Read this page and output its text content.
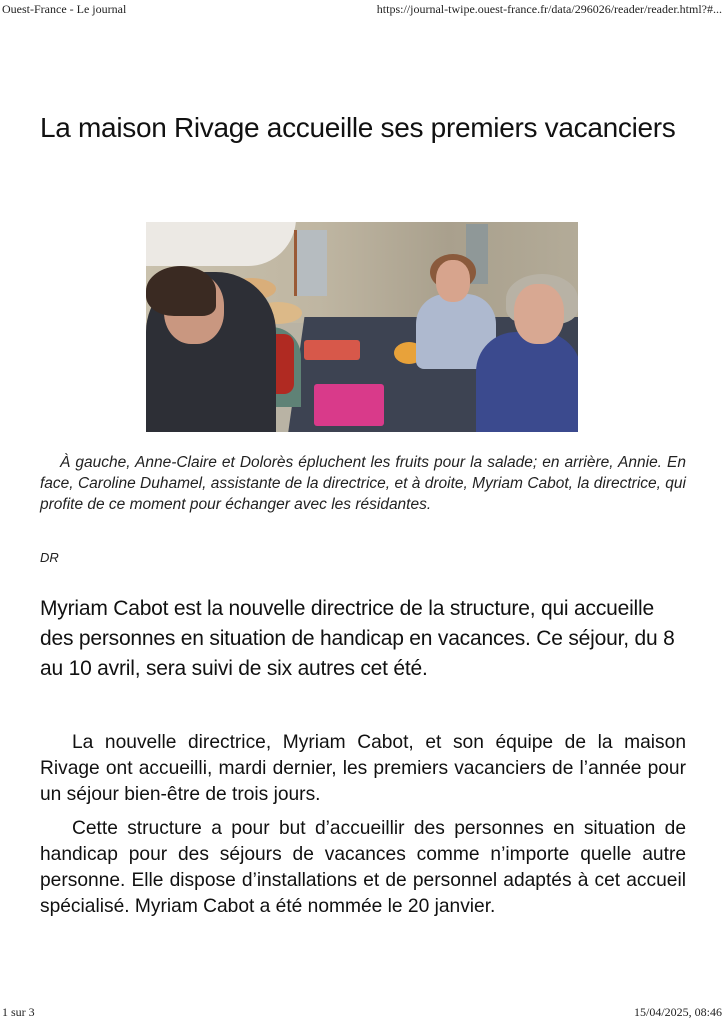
Ouest-France - Le journal	https://journal-twipe.ouest-france.fr/data/296026/reader/reader.html?#...
La maison Rivage accueille ses premiers vacanciers

À gauche, Anne-Claire et Dolorès épluchent les fruits pour la salade; en arrière, Annie. En face, Caroline Duhamel, assistante de la directrice, et à droite, Myriam Cabot, la directrice, qui profite de ce moment pour échanger avec les résidantes.

DR

Myriam Cabot est la nouvelle directrice de la structure, qui accueille des personnes en situation de handicap en vacances. Ce séjour, du 8 au 10 avril, sera suivi de six autres cet été.

La nouvelle directrice, Myriam Cabot, et son équipe de la maison Rivage ont accueilli, mardi dernier, les premiers vacanciers de l’année pour un séjour bien-être de trois jours.

Cette structure a pour but d’accueillir des personnes en situation de handicap pour des séjours de vacances comme n’importe quelle autre personne. Elle dispose d’installations et de personnel adaptés à cet accueil spécialisé. Myriam Cabot a été nommée le 20 janvier.

1 sur 3	15/04/2025, 08:46
